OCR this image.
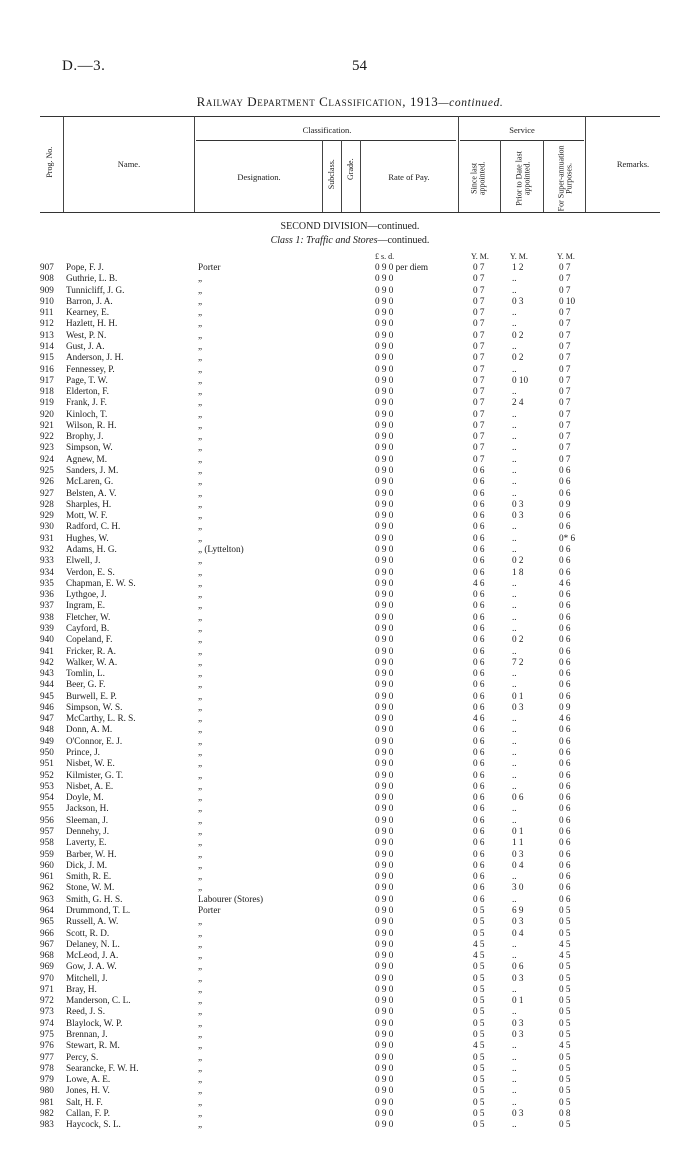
D.—3.	54
Railway Department Classification, 1913—continued.
Prog. No.	Name.
Classification.
Designation.	Subclass. Grade.	Rate of Pay.
Service
Since last appointed.	Prior to Date last appointed.	For Super-annuation Purposes.	Remarks.
SECOND DIVISION—continued.
Class 1: Traffic and Stores—continued.
£ s. d.	Y. M.	Y. M.	Y. M.
907	Pope, F. J.	Porter	0 9 0 per diem	0 7	1 2	0 7
908	Guthrie, L. B.	„	0 9 0	0 7	..	0 7
909	Tunnicliff, J. G.	„	0 9 0	0 7	..	0 7
910	Barron, J. A.	„	0 9 0	0 7	0 3	0 10
911	Kearney, E.	„	0 9 0	0 7	..	0 7
912	Hazlett, H. H.	„	0 9 0	0 7	..	0 7
913	West, P. N.	„	0 9 0	0 7	0 2	0 7
914	Gust, J. A.	„	0 9 0	0 7	..	0 7
915	Anderson, J. H.	„	0 9 0	0 7	0 2	0 7
916	Fennessey, P.	„	0 9 0	0 7	..	0 7
917	Page, T. W.	„	0 9 0	0 7	0 10	0 7
918	Elderton, F.	„	0 9 0	0 7	..	0 7
919	Frank, J. F.	„	0 9 0	0 7	2 4	0 7
920	Kinloch, T.	„	0 9 0	0 7	..	0 7
921	Wilson, R. H.	„	0 9 0	0 7	..	0 7
922	Brophy, J.	„	0 9 0	0 7	..	0 7
923	Simpson, W.	„	0 9 0	0 7	..	0 7
924	Agnew, M.	„	0 9 0	0 7	..	0 7
925	Sanders, J. M.	„	0 9 0	0 6	..	0 6
926	McLaren, G.	„	0 9 0	0 6	..	0 6
927	Belsten, A. V.	„	0 9 0	0 6	..	0 6
928	Sharples, H.	„	0 9 0	0 6	0 3	0 9
929	Mott, W. F.	„	0 9 0	0 6	0 3	0 6
930	Radford, C. H.	„	0 9 0	0 6	..	0 6
931	Hughes, W.	„	0 9 0	0 6	..	0* 6
932	Adams, H. G.	„ (Lyttelton)	0 9 0	0 6	..	0 6
933	Elwell, J.	„	0 9 0	0 6	0 2	0 6
934	Verdon, E. S.	„	0 9 0	0 6	1 8	0 6
935	Chapman, E. W. S.	„	0 9 0	4 6	..	4 6
936	Lythgoe, J.	„	0 9 0	0 6	..	0 6
937	Ingram, E.	„	0 9 0	0 6	..	0 6
938	Fletcher, W.	„	0 9 0	0 6	..	0 6
939	Cayford, B.	„	0 9 0	0 6	..	0 6
940	Copeland, F.	„	0 9 0	0 6	0 2	0 6
941	Fricker, R. A.	„	0 9 0	0 6	..	0 6
942	Walker, W. A.	„	0 9 0	0 6	7 2	0 6
943	Tomlin, L.	„	0 9 0	0 6	..	0 6
944	Beer, G. F.	„	0 9 0	0 6	..	0 6
945	Burwell, E. P.	„	0 9 0	0 6	0 1	0 6
946	Simpson, W. S.	„	0 9 0	0 6	0 3	0 9
947	McCarthy, L. R. S.	„	0 9 0	4 6	..	4 6
948	Donn, A. M.	„	0 9 0	0 6	..	0 6
949	O'Connor, E. J.	„	0 9 0	0 6	..	0 6
950	Prince, J.	„	0 9 0	0 6	..	0 6
951	Nisbet, W. E.	„	0 9 0	0 6	..	0 6
952	Kilmister, G. T.	„	0 9 0	0 6	..	0 6
953	Nisbet, A. E.	„	0 9 0	0 6	..	0 6
954	Doyle, M.	„	0 9 0	0 6	0 6	0 6
955	Jackson, H.	„	0 9 0	0 6	..	0 6
956	Sleeman, J.	„	0 9 0	0 6	..	0 6
957	Dennehy, J.	„	0 9 0	0 6	0 1	0 6
958	Laverty, E.	„	0 9 0	0 6	1 1	0 6
959	Barber, W. H.	„	0 9 0	0 6	0 3	0 6
960	Dick, J. M.	„	0 9 0	0 6	0 4	0 6
961	Smith, R. E.	„	0 9 0	0 6	..	0 6
962	Stone, W. M.	„	0 9 0	0 6	3 0	0 6
963	Smith, G. H. S.	Labourer (Stores)	0 9 0	0 6	..	0 6
964	Drummond, T. L.	Porter	0 9 0	0 5	6 9	0 5
965	Russell, A. W.	„	0 9 0	0 5	0 3	0 5
966	Scott, R. D.	„	0 9 0	0 5	0 4	0 5
967	Delaney, N. L.	„	0 9 0	4 5	..	4 5
968	McLeod, J. A.	„	0 9 0	4 5	..	4 5
969	Gow, J. A. W.	„	0 9 0	0 5	0 6	0 5
970	Mitchell, J.	„	0 9 0	0 5	0 3	0 5
971	Bray, H.	„	0 9 0	0 5	..	0 5
972	Manderson, C. L.	„	0 9 0	0 5	0 1	0 5
973	Reed, J. S.	„	0 9 0	0 5	..	0 5
974	Blaylock, W. P.	„	0 9 0	0 5	0 3	0 5
975	Brennan, J.	„	0 9 0	0 5	0 3	0 5
976	Stewart, R. M.	„	0 9 0	4 5	..	4 5
977	Percy, S.	„	0 9 0	0 5	..	0 5
978	Searancke, F. W. H.	„	0 9 0	0 5	..	0 5
979	Lowe, A. E.	„	0 9 0	0 5	..	0 5
980	Jones, H. V.	„	0 9 0	0 5	..	0 5
981	Salt, H. F.	„	0 9 0	0 5	..	0 5
982	Callan, F. P.	„	0 9 0	0 5	0 3	0 8
983	Haycock, S. L.	„	0 9 0	0 5	..	0 5
